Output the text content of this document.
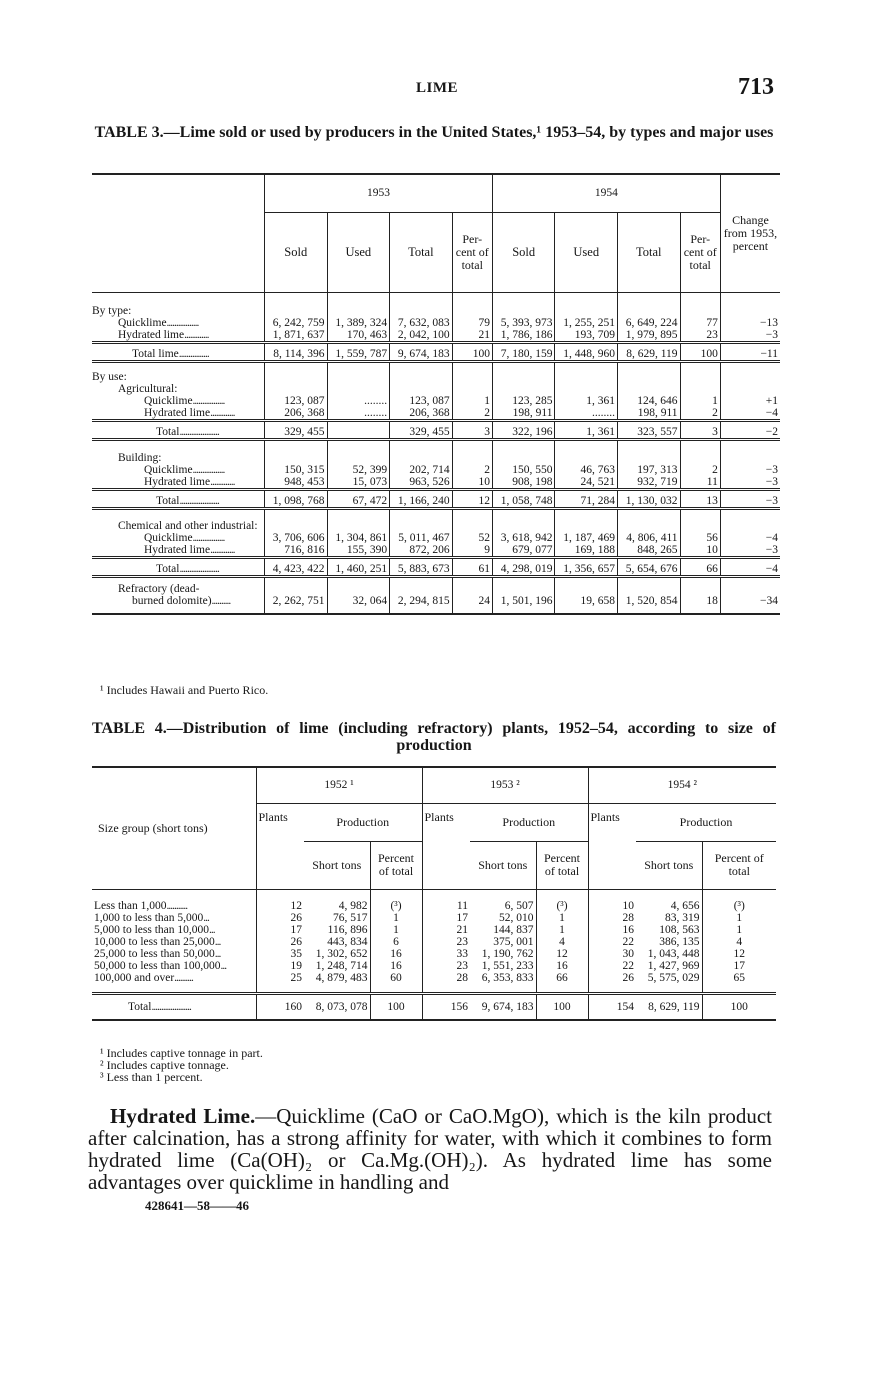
LIME	713
TABLE 3.—Lime sold or used by producers in the United States,¹ 1953–54, by types and major uses
	1953				1954				Change from 1953, percent
	Sold	Used	Total	Per-cent of total	Sold	Used	Total	Per-cent of total	
By type:									
Quicklime.................	6, 242, 759	1, 389, 324	7, 632, 083	79	5, 393, 973	1, 255, 251	6, 649, 224	77	−13
Hydrated lime.............	1, 871, 637	170, 463	2, 042, 100	21	1, 786, 186	193, 709	1, 979, 895	23	−3
Total lime................	8, 114, 396	1, 559, 787	9, 674, 183	100	7, 180, 159	1, 448, 960	8, 629, 119	100	−11

By use:									
Agricultural:									
Quicklime.................	123, 087	........	123, 087	1	123, 285	1, 361	124, 646	1	+1
Hydrated lime.............	206, 368	........	206, 368	2	198, 911	........	198, 911	2	−4
Total.....................	329, 455		329, 455	3	322, 196	1, 361	323, 557	3	−2

Building:									
Quicklime.................	150, 315	52, 399	202, 714	2	150, 550	46, 763	197, 313	2	−3
Hydrated lime.............	948, 453	15, 073	963, 526	10	908, 198	24, 521	932, 719	11	−3
Total.....................	1, 098, 768	67, 472	1, 166, 240	12	1, 058, 748	71, 284	1, 130, 032	13	−3

Chemical and other industrial:									
Quicklime.................	3, 706, 606	1, 304, 861	5, 011, 467	52	3, 618, 942	1, 187, 469	4, 806, 411	56	−4
Hydrated lime.............	716, 816	155, 390	872, 206	9	679, 077	169, 188	848, 265	10	−3
Total.....................	4, 423, 422	1, 460, 251	5, 883, 673	61	4, 298, 019	1, 356, 657	5, 654, 676	66	−4

Refractory (dead-									
burned dolomite)..........	2, 262, 751	32, 064	2, 294, 815	24	1, 501, 196	19, 658	1, 520, 854	18	−34
¹ Includes Hawaii and Puerto Rico.
TABLE 4.—Distribution of lime (including refractory) plants, 1952–54, according to size of production
Size group (short tons)	1952 ¹			1953 ²			1954 ²		
	Plants	Production		Plants	Production		Plants	Production	
		Short tons	Percent of total		Short tons	Percent of total		Short tons	Percent of total
Less than 1,000...........	12	4, 982	(³)	11	6, 507	(³)	10	4, 656	(³)
1,000 to less than 5,000...	26	76, 517	1	17	52, 010	1	28	83, 319	1
5,000 to less than 10,000...	17	116, 896	1	21	144, 837	1	16	108, 563	1
10,000 to less than 25,000...	26	443, 834	6	23	375, 001	4	22	386, 135	4
25,000 to less than 50,000...	35	1, 302, 652	16	33	1, 190, 762	12	30	1, 043, 448	12
50,000 to less than 100,000...	19	1, 248, 714	16	23	1, 551, 233	16	22	1, 427, 969	17
100,000 and over..........	25	4, 879, 483	60	28	6, 353, 833	66	26	5, 575, 029	65
Total.....................	160	8, 073, 078	100	156	9, 674, 183	100	154	8, 629, 119	100
¹ Includes captive tonnage in part.
² Includes captive tonnage.
³ Less than 1 percent.
Hydrated Lime.—Quicklime (CaO or CaO.MgO), which is the kiln product after calcination, has a strong affinity for water, with which it combines to form hydrated lime (Ca(OH)₂ or Ca.Mg.(OH)₂). As hydrated lime has some advantages over quicklime in handling and
428641—58——46
